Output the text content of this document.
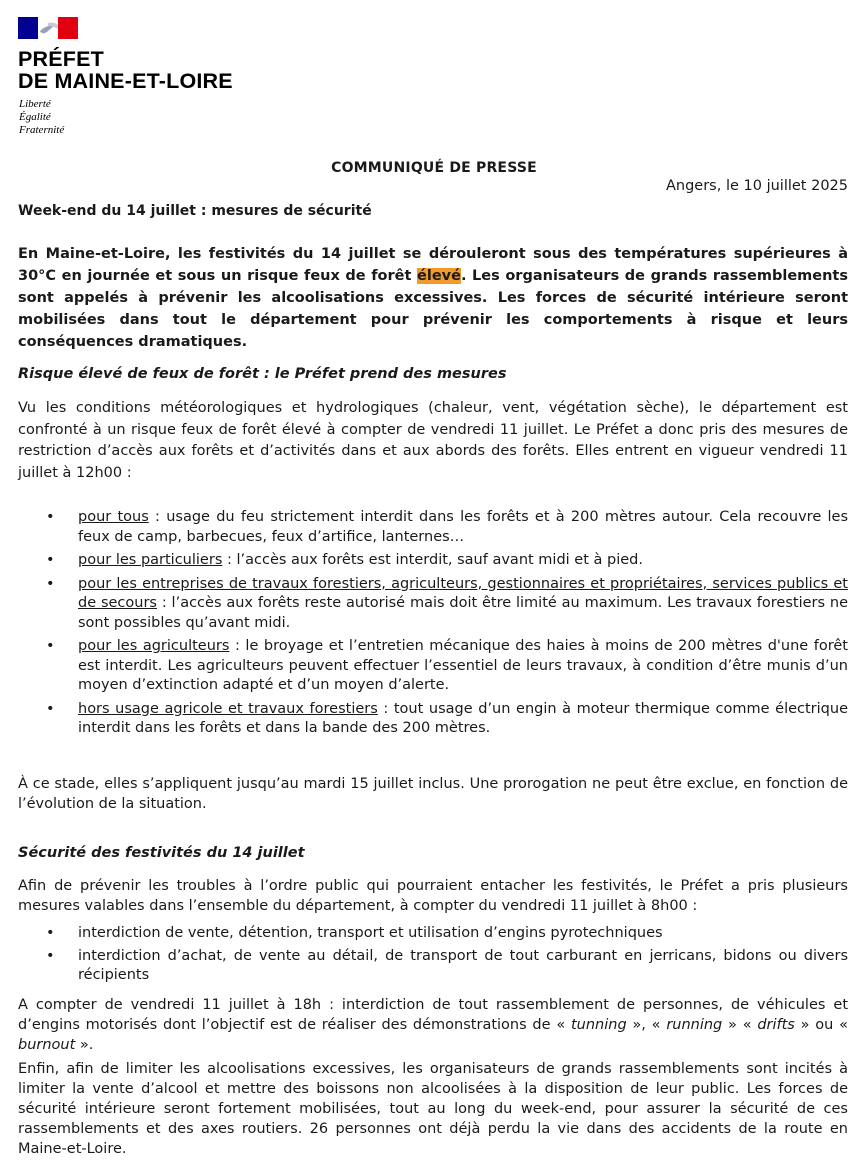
PRÉFET
DE MAINE-ET-LOIRE
Liberté
Égalité
Fraternité
COMMUNIQUÉ DE PRESSE
Angers, le 10 juillet 2025
Week-end du 14 juillet : mesures de sécurité
En Maine-et-Loire, les festivités du 14 juillet se dérouleront sous des températures supérieures à 30°C en journée et sous un risque feux de forêt élevé. Les organisateurs de grands rassemblements sont appelés à prévenir les alcoolisations excessives. Les forces de sécurité intérieure seront mobilisées dans tout le département pour prévenir les comportements à risque et leurs conséquences dramatiques.
Risque élevé de feux de forêt : le Préfet prend des mesures
Vu les conditions météorologiques et hydrologiques (chaleur, vent, végétation sèche), le département est confronté à un risque feux de forêt élevé à compter de vendredi 11 juillet. Le Préfet a donc pris des mesures de restriction d’accès aux forêts et d’activités dans et aux abords des forêts. Elles entrent en vigueur vendredi 11 juillet à 12h00 :
• pour tous : usage du feu strictement interdit dans les forêts et à 200 mètres autour. Cela recouvre les feux de camp, barbecues, feux d’artifice, lanternes…
• pour les particuliers : l’accès aux forêts est interdit, sauf avant midi et à pied.
• pour les entreprises de travaux forestiers, agriculteurs, gestionnaires et propriétaires, services publics et de secours : l’accès aux forêts reste autorisé mais doit être limité au maximum. Les travaux forestiers ne sont possibles qu’avant midi.
• pour les agriculteurs : le broyage et l’entretien mécanique des haies à moins de 200 mètres d'une forêt est interdit. Les agriculteurs peuvent effectuer l’essentiel de leurs travaux, à condition d’être munis d’un moyen d’extinction adapté et d’un moyen d’alerte.
• hors usage agricole et travaux forestiers : tout usage d’un engin à moteur thermique comme électrique interdit dans les forêts et dans la bande des 200 mètres.
À ce stade, elles s’appliquent jusqu’au mardi 15 juillet inclus. Une prorogation ne peut être exclue, en fonction de l’évolution de la situation.
Sécurité des festivités du 14 juillet
Afin de prévenir les troubles à l’ordre public qui pourraient entacher les festivités, le Préfet a pris plusieurs mesures valables dans l’ensemble du département, à compter du vendredi 11 juillet à 8h00 :
• interdiction de vente, détention, transport et utilisation d’engins pyrotechniques
• interdiction d’achat, de vente au détail, de transport de tout carburant en jerricans, bidons ou divers récipients
A compter de vendredi 11 juillet à 18h : interdiction de tout rassemblement de personnes, de véhicules et d’engins motorisés dont l’objectif est de réaliser des démonstrations de « tunning », « running » « drifts » ou « burnout ».
Enfin, afin de limiter les alcoolisations excessives, les organisateurs de grands rassemblements sont incités à limiter la vente d’alcool et mettre des boissons non alcoolisées à la disposition de leur public. Les forces de sécurité intérieure seront fortement mobilisées, tout au long du week-end, pour assurer la sécurité de ces rassemblements et des axes routiers. 26 personnes ont déjà perdu la vie dans des accidents de la route en Maine-et-Loire.
